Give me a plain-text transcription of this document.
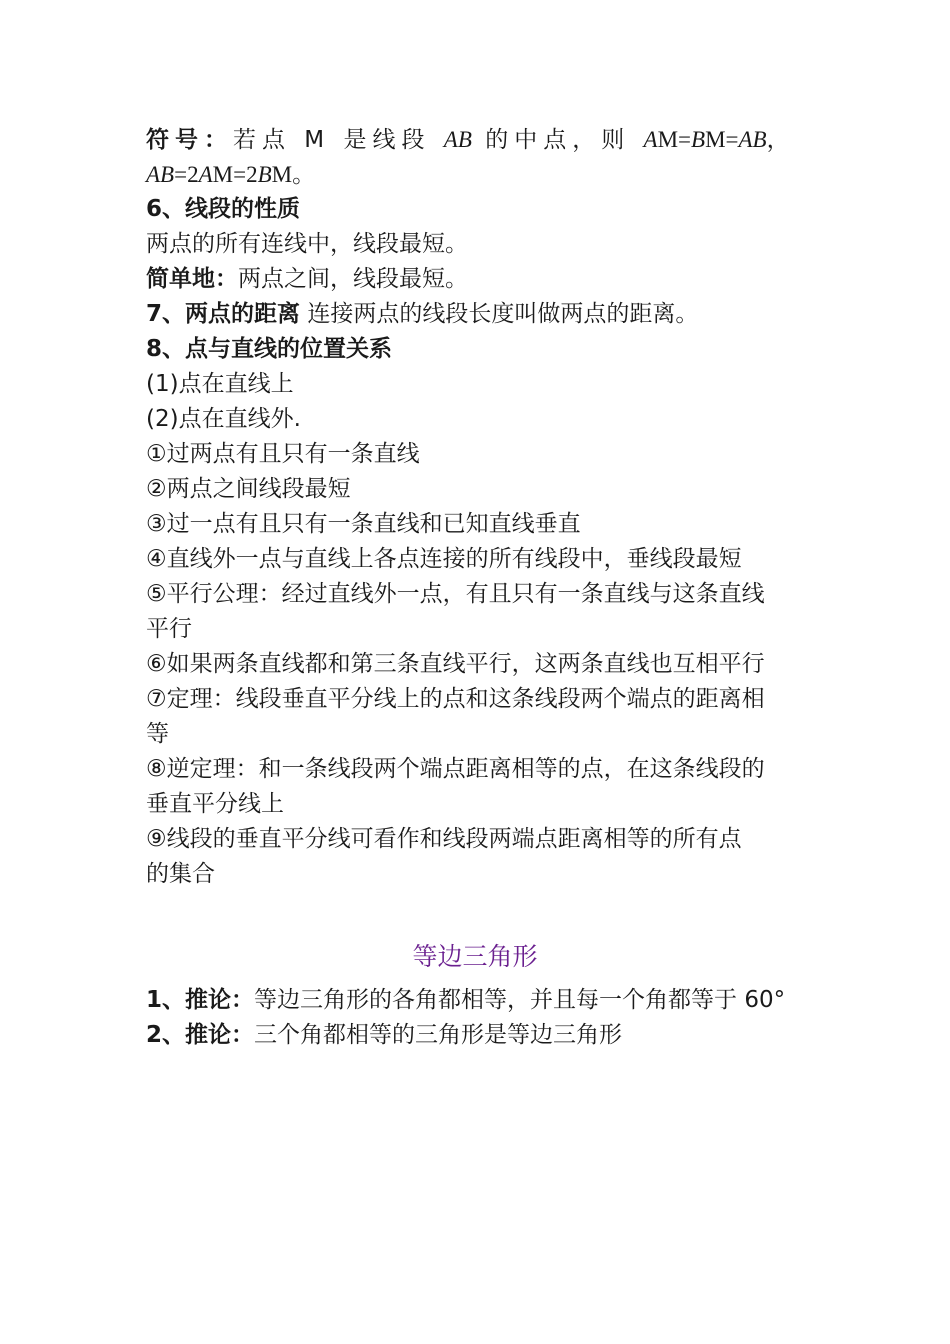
符号：若点 M 是线段 AB 的中点，则 AM=BM=AB，
AB=2AM=2BM。
6、线段的性质
两点的所有连线中，线段最短。
简单地：两点之间，线段最短。
7、两点的距离 连接两点的线段长度叫做两点的距离。
8、点与直线的位置关系
(1)点在直线上
(2)点在直线外.
①过两点有且只有一条直线
②两点之间线段最短
③过一点有且只有一条直线和已知直线垂直
④直线外一点与直线上各点连接的所有线段中，垂线段最短
⑤平行公理：经过直线外一点，有且只有一条直线与这条直线
平行
⑥如果两条直线都和第三条直线平行，这两条直线也互相平行
⑦定理：线段垂直平分线上的点和这条线段两个端点的距离相
等
⑧逆定理：和一条线段两个端点距离相等的点，在这条线段的
垂直平分线上
⑨线段的垂直平分线可看作和线段两端点距离相等的所有点
的集合
等边三角形
1、推论：等边三角形的各角都相等，并且每一个角都等于 60°
2、推论：三个角都相等的三角形是等边三角形
